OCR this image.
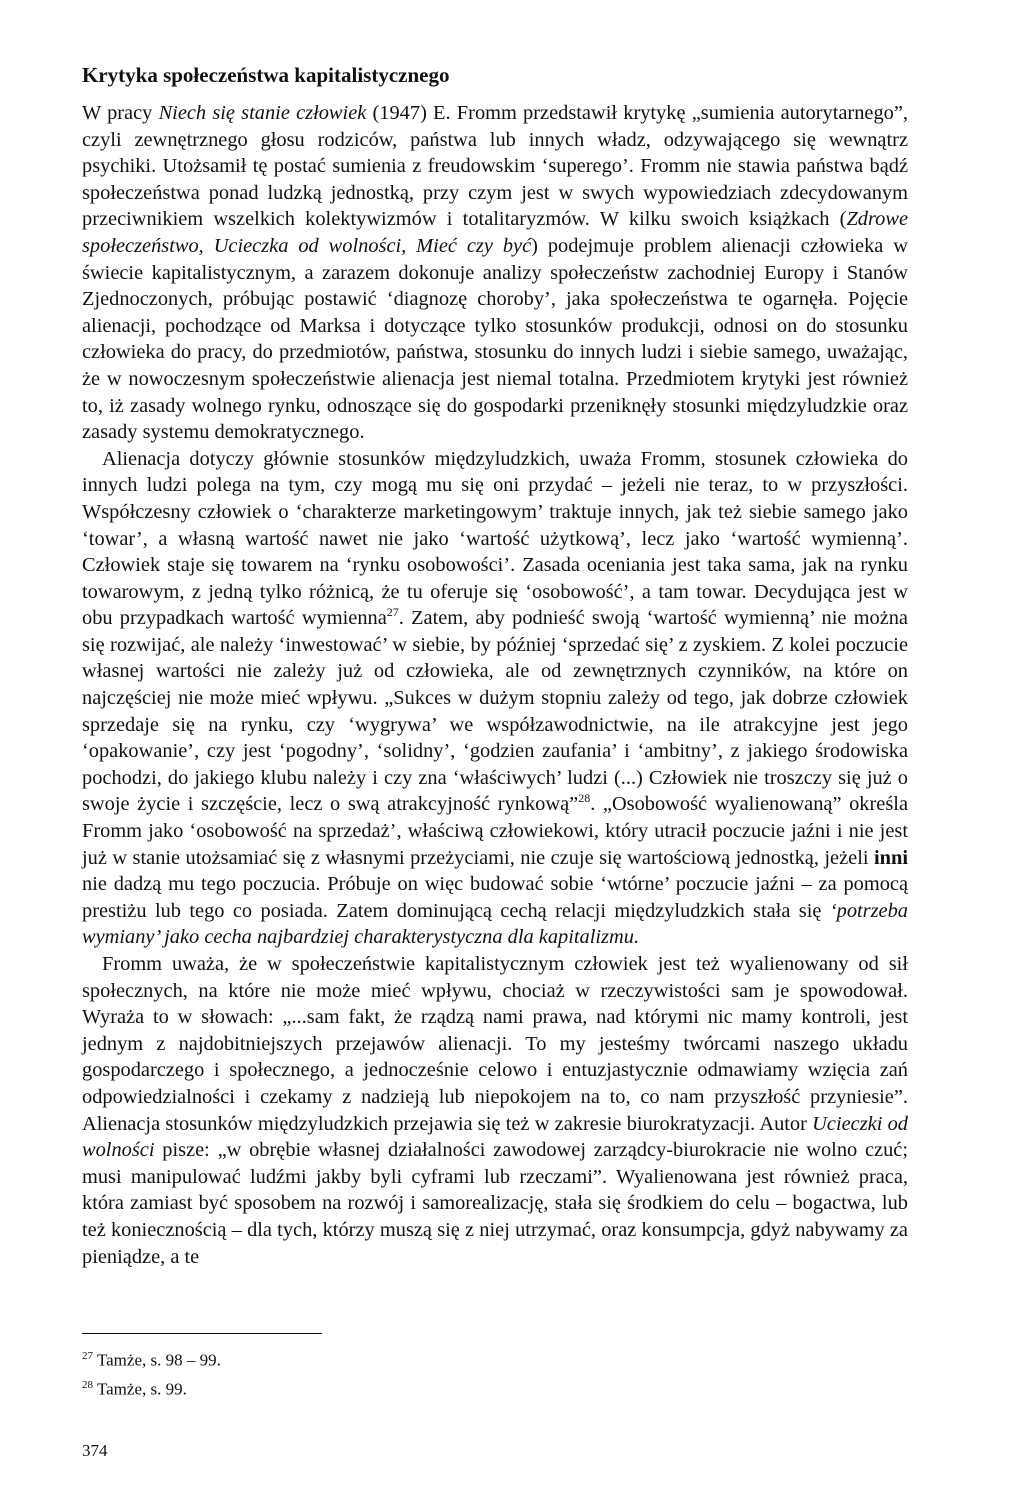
Krytyka społeczeństwa kapitalistycznego

W pracy Niech się stanie człowiek (1947) E. Fromm przedstawił krytykę „sumienia autorytarnego”, czyli zewnętrznego głosu rodziców, państwa lub innych władz, odzywającego się wewnątrz psychiki. Utożsamił tę postać sumienia z freudowskim ‘superego’. Fromm nie stawia państwa bądź społeczeństwa ponad ludzką jednostką, przy czym jest w swych wypowiedziach zdecydowanym przeciwnikiem wszelkich kolektywizmów i totalitaryzmów. W kilku swoich książkach (Zdrowe społeczeństwo, Ucieczka od wolności, Mieć czy być) podejmuje problem alienacji człowieka w świecie kapitalistycznym, a zarazem dokonuje analizy społeczeństw zachodniej Europy i Stanów Zjednoczonych, próbując postawić ‘diagnozę choroby’, jaka społeczeństwa te ogarnęła. Pojęcie alienacji, pochodzące od Marksa i dotyczące tylko stosunków produkcji, odnosi on do stosunku człowieka do pracy, do przedmiotów, państwa, stosunku do innych ludzi i siebie samego, uważając, że w nowoczesnym społeczeństwie alienacja jest niemal totalna. Przedmiotem krytyki jest również to, iż zasady wolnego rynku, odnoszące się do gospodarki przeniknęły stosunki międzyludzkie oraz zasady systemu demokratycznego.

Alienacja dotyczy głównie stosunków międzyludzkich, uważa Fromm, stosunek człowieka do innych ludzi polega na tym, czy mogą mu się oni przydać – jeżeli nie teraz, to w przyszłości. Współczesny człowiek o ‘charakterze marketingowym’ traktuje innych, jak też siebie samego jako ‘towar’, a własną wartość nawet nie jako ‘wartość użytkową’, lecz jako ‘wartość wymienną’. Człowiek staje się towarem na ‘rynku osobowości’. Zasada oceniania jest taka sama, jak na rynku towarowym, z jedną tylko różnicą, że tu oferuje się ‘osobowość’, a tam towar. Decydująca jest w obu przypadkach wartość wymienna$^{27}$. Zatem, aby podnieść swoją ‘wartość wymienną’ nie można się rozwijać, ale należy ‘inwestować’ w siebie, by później ‘sprzedać się’ z zyskiem. Z kolei poczucie własnej wartości nie zależy już od człowieka, ale od zewnętrznych czynników, na które on najczęściej nie może mieć wpływu. „Sukces w dużym stopniu zależy od tego, jak dobrze człowiek sprzedaje się na rynku, czy ‘wygrywa’ we współzawodnictwie, na ile atrakcyjne jest jego ‘opakowanie’, czy jest ‘pogodny’, ‘solidny’, ‘godzien zaufania’ i ‘ambitny’, z jakiego środowiska pochodzi, do jakiego klubu należy i czy zna ‘właściwych’ ludzi (...) Człowiek nie troszczy się już o swoje życie i szczęście, lecz o swą atrakcyjność rynkową”$^{28}$. „Osobowość wyalienowaną” określa Fromm jako ‘osobowość na sprzedaż’, właściwą człowiekowi, który utracił poczucie jaźni i nie jest już w stanie utożsamiać się z własnymi przeżyciami, nie czuje się wartościową jednostką, jeżeli inni nie dadzą mu tego poczucia. Próbuje on więc budować sobie ‘wtórne’ poczucie jaźni – za pomocą prestiżu lub tego co posiada. Zatem dominującą cechą relacji międzyludzkich stała się ‘potrzeba wymiany’ jako cecha najbardziej charakterystyczna dla kapitalizmu.

Fromm uważa, że w społeczeństwie kapitalistycznym człowiek jest też wyalienowany od sił społecznych, na które nie może mieć wpływu, chociaż w rzeczywistości sam je spowodował. Wyraża to w słowach: „...sam fakt, że rządzą nami prawa, nad którymi nic mamy kontroli, jest jednym z najdobitniejszych przejawów alienacji. To my jesteśmy twórcami naszego układu gospodarczego i społecznego, a jednocześnie celowo i entuzjastycznie odmawiamy wzięcia zań odpowiedzialności i czekamy z nadzieją lub niepokojem na to, co nam przyszłość przyniesie”. Alienacja stosunków międzyludzkich przejawia się też w zakresie biurokratyzacji. Autor Ucieczki od wolności pisze: „w obrębie własnej działalności zawodowej zarządcy-biurokracie nie wolno czuć; musi manipulować ludźmi jakby byli cyframi lub rzeczami”. Wyalienowana jest również praca, która zamiast być sposobem na rozwój i samorealizację, stała się środkiem do celu – bogactwa, lub też koniecznością – dla tych, którzy muszą się z niej utrzymać, oraz konsumpcja, gdyż nabywamy za pieniądze, a te

$^{27}$ Tamże, s. 98 – 99.
$^{28}$ Tamże, s. 99.
374
